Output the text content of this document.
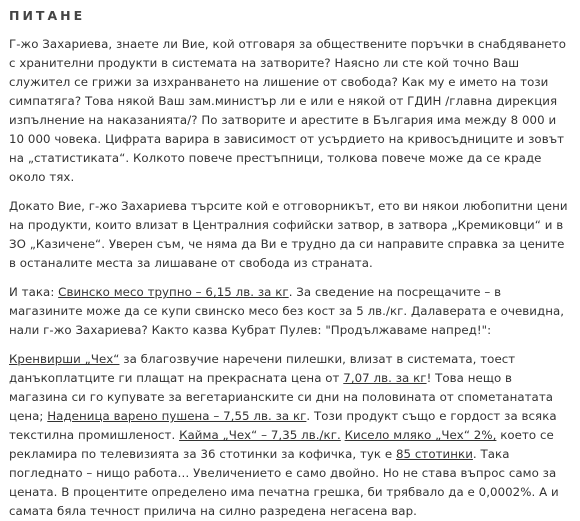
ПИТАНЕ

Г-жо Захариева, знаете ли Вие, кой отговаря за обществените поръчки в снабдяването с хранителни продукти в системата на затворите? Наясно ли сте кой точно Ваш служител се грижи за изхранването на лишение от свобода? Как му е името на този симпатяга? Това някой Ваш зам.министър ли е или е някой от ГДИН /главна дирекция изпълнение на наказанията/? По затворите и арестите в България има между 8 000 и 10 000 човека. Цифрата варира в зависимост от усърдието на кривосъдниците и зовът на „статистиката“. Колкото повече престъпници, толкова повече може да се краде около тях.

Докато Вие, г-жо Захариева търсите кой е отговорникът, ето ви някои любопитни цени на продукти, които влизат в Централния софийски затвор, в затвора „Кремиковци“ и в ЗО „Казичене“. Уверен съм, че няма да Ви е трудно да си направите справка за цените в останалите места за лишаване от свобода из страната.

И така: Свинско месо трупно – 6,15 лв. за кг. За сведение на посрещачите – в магазините може да се купи свинско месо без кост за 5 лв./кг. Далаверата е очевидна, нали г-жо Захариева? Както казва Кубрат Пулев: "Продължаваме напред!":

Кренвирши „Чех“ за благозвучие наречени пилешки, влизат в системата, тоест данъкоплатците ги плащат на прекрасната цена от 7,07 лв. за кг! Това нещо в магазина си го купувате за вегетарианските си дни на половината от спометанатата цена; Наденица варено пушена – 7,55 лв. за кг. Този продукт също е гордост за всяка текстилна промишленост. Кайма „Чех“ – 7,35 лв./кг. Кисело мляко „Чех“ 2%, което се рекламира по телевизията за 36 стотинки за кофичка, тук е 85 стотинки. Така погледнато – нищо работа… Увеличението е само двойно. Но не става въпрос само за цената. В процентите определено има печатна грешка, би трябвало да е 0,0002%. А и самата бяла течност прилича на силно разредена негасена вар.
